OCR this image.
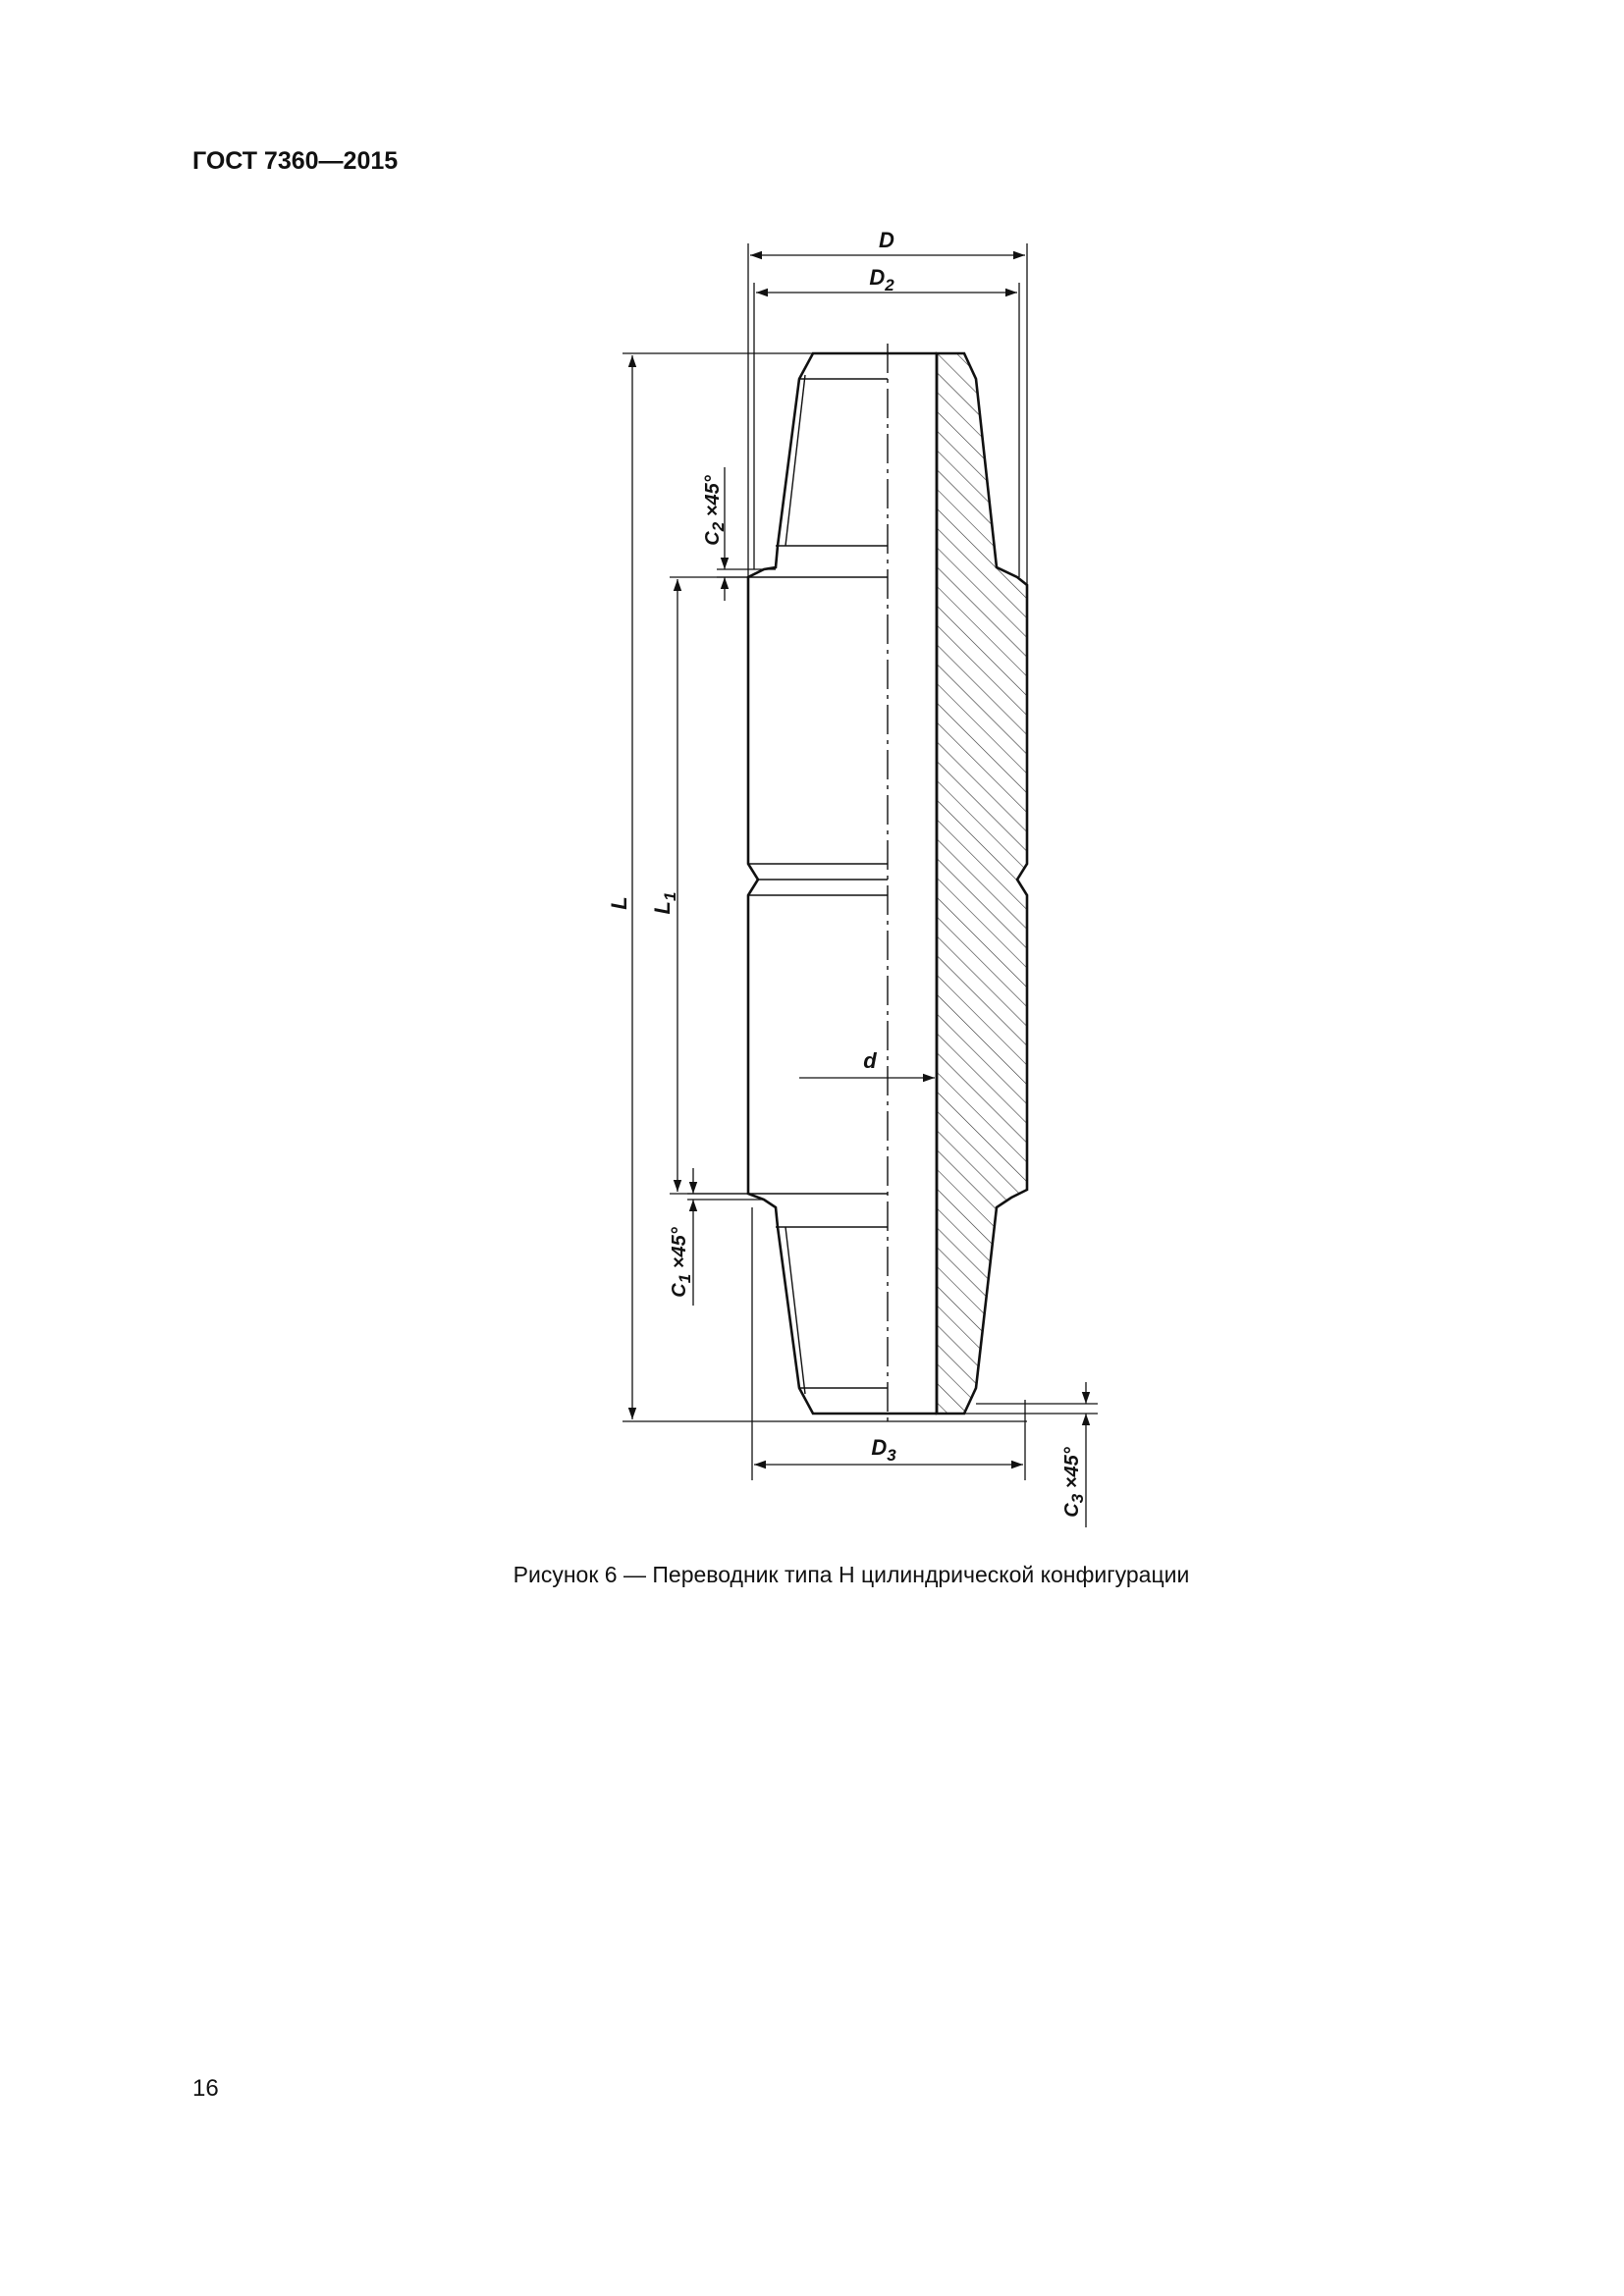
ГОСТ 7360—2015
D
$D_2$
L $L_1$
d
$D_3$
$C_2 \times 45^\circ$
$C_1 \times 45^\circ$
$C_3 \times 45^\circ$
Рисунок 6 — Переводник типа Н цилиндрической конфигурации
16
